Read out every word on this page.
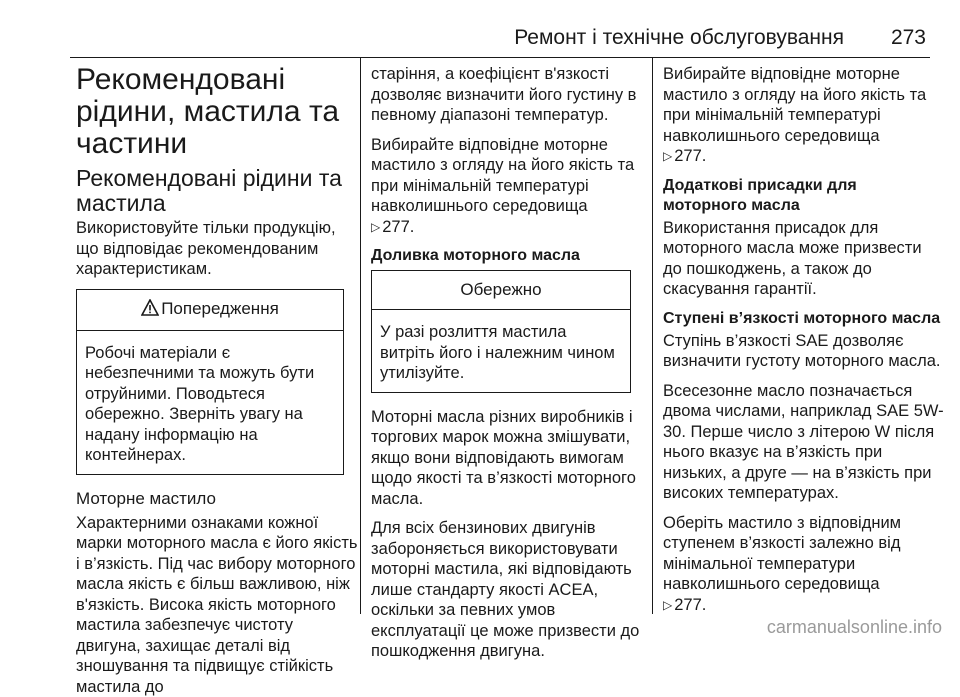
Ремонт і технічне обслуговування 273
Рекомендовані рідини, мастила та частини
Рекомендовані рідини та мастила

Використовуйте тільки продукцію, що відповідає рекомендованим характеристикам.

Попередження

Робочі матеріали є небезпечними та можуть бути отруйними. Поводьтеся обережно. Зверніть увагу на надану інформацію на контейнерах.

Моторне мастило

Характерними ознаками кожної марки моторного масла є його якість і в’язкість. Під час вибору моторного масла якість є більш важливою, ніж в'язкість. Висока якість моторного мастила забезпечує чистоту двигуна, захищає деталі від зношування та підвищує стійкість мастила до

старіння, а коефіцієнт в'язкості дозволяє визначити його густину в певному діапазоні температур.

Вибирайте відповідне моторне мастило з огляду на його якість та при мінімальній температурі навколишнього середовища
▷ 277.

Доливка моторного масла
Обережно

У разі розлиття мастила витріть його і належним чином утилізуйте.

Моторні масла різних виробників і торгових марок можна змішувати, якщо вони відповідають вимогам щодо якості та в’язкості моторного масла.

Для всіх бензинових двигунів забороняється використовувати моторні мастила, які відповідають лише стандарту якості ACEA, оскільки за певних умов експлуатації це може призвести до пошкодження двигуна.

Вибирайте відповідне моторне мастило з огляду на його якість та при мінімальній температурі навколишнього середовища
▷ 277.

Додаткові присадки для моторного масла

Використання присадок для моторного масла може призвести до пошкоджень, а також до скасування гарантії.

Ступені в’язкості моторного масла

Ступінь в’язкості SAE дозволяє визначити густоту моторного масла.

Всесезонне масло позначається двома числами, наприклад SAE 5W-30. Перше число з літерою W після нього вказує на в’язкість при низьких, а друге — на в’язкість при високих температурах.

Оберіть мастило з відповідним ступенем в’язкості залежно від мінімальної температури навколишнього середовища
▷ 277.

carmanualsonline.info
